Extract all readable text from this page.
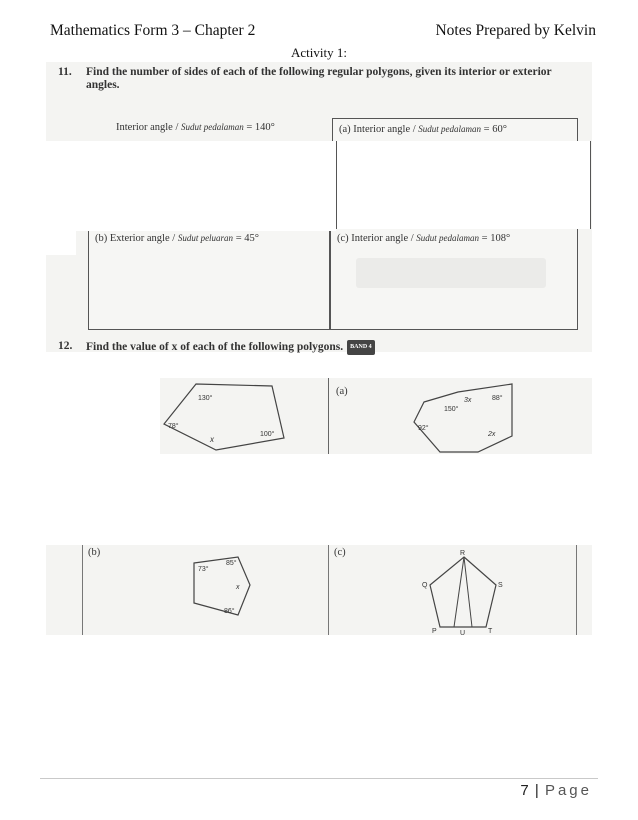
Mathematics Form 3 – Chapter 2	Notes Prepared by Kelvin
Activity 1:
11. Find the number of sides of each of the following regular polygons, given its interior or exterior angles.
Interior angle / Sudut pedalaman = 140°	(a) Interior angle / Sudut pedalaman = 60°
(b) Exterior angle / Sudut peluaran = 45°	(c) Interior angle / Sudut pedalaman = 108°
12. Find the value of x of each of the following polygons. BAND 4
(a)
130°
78°
100°
x
150°
3x	88°
92°
2x
(b)	(c)
73°
85°
x
86°
R
Q	S
P	T
U
7 | Page
